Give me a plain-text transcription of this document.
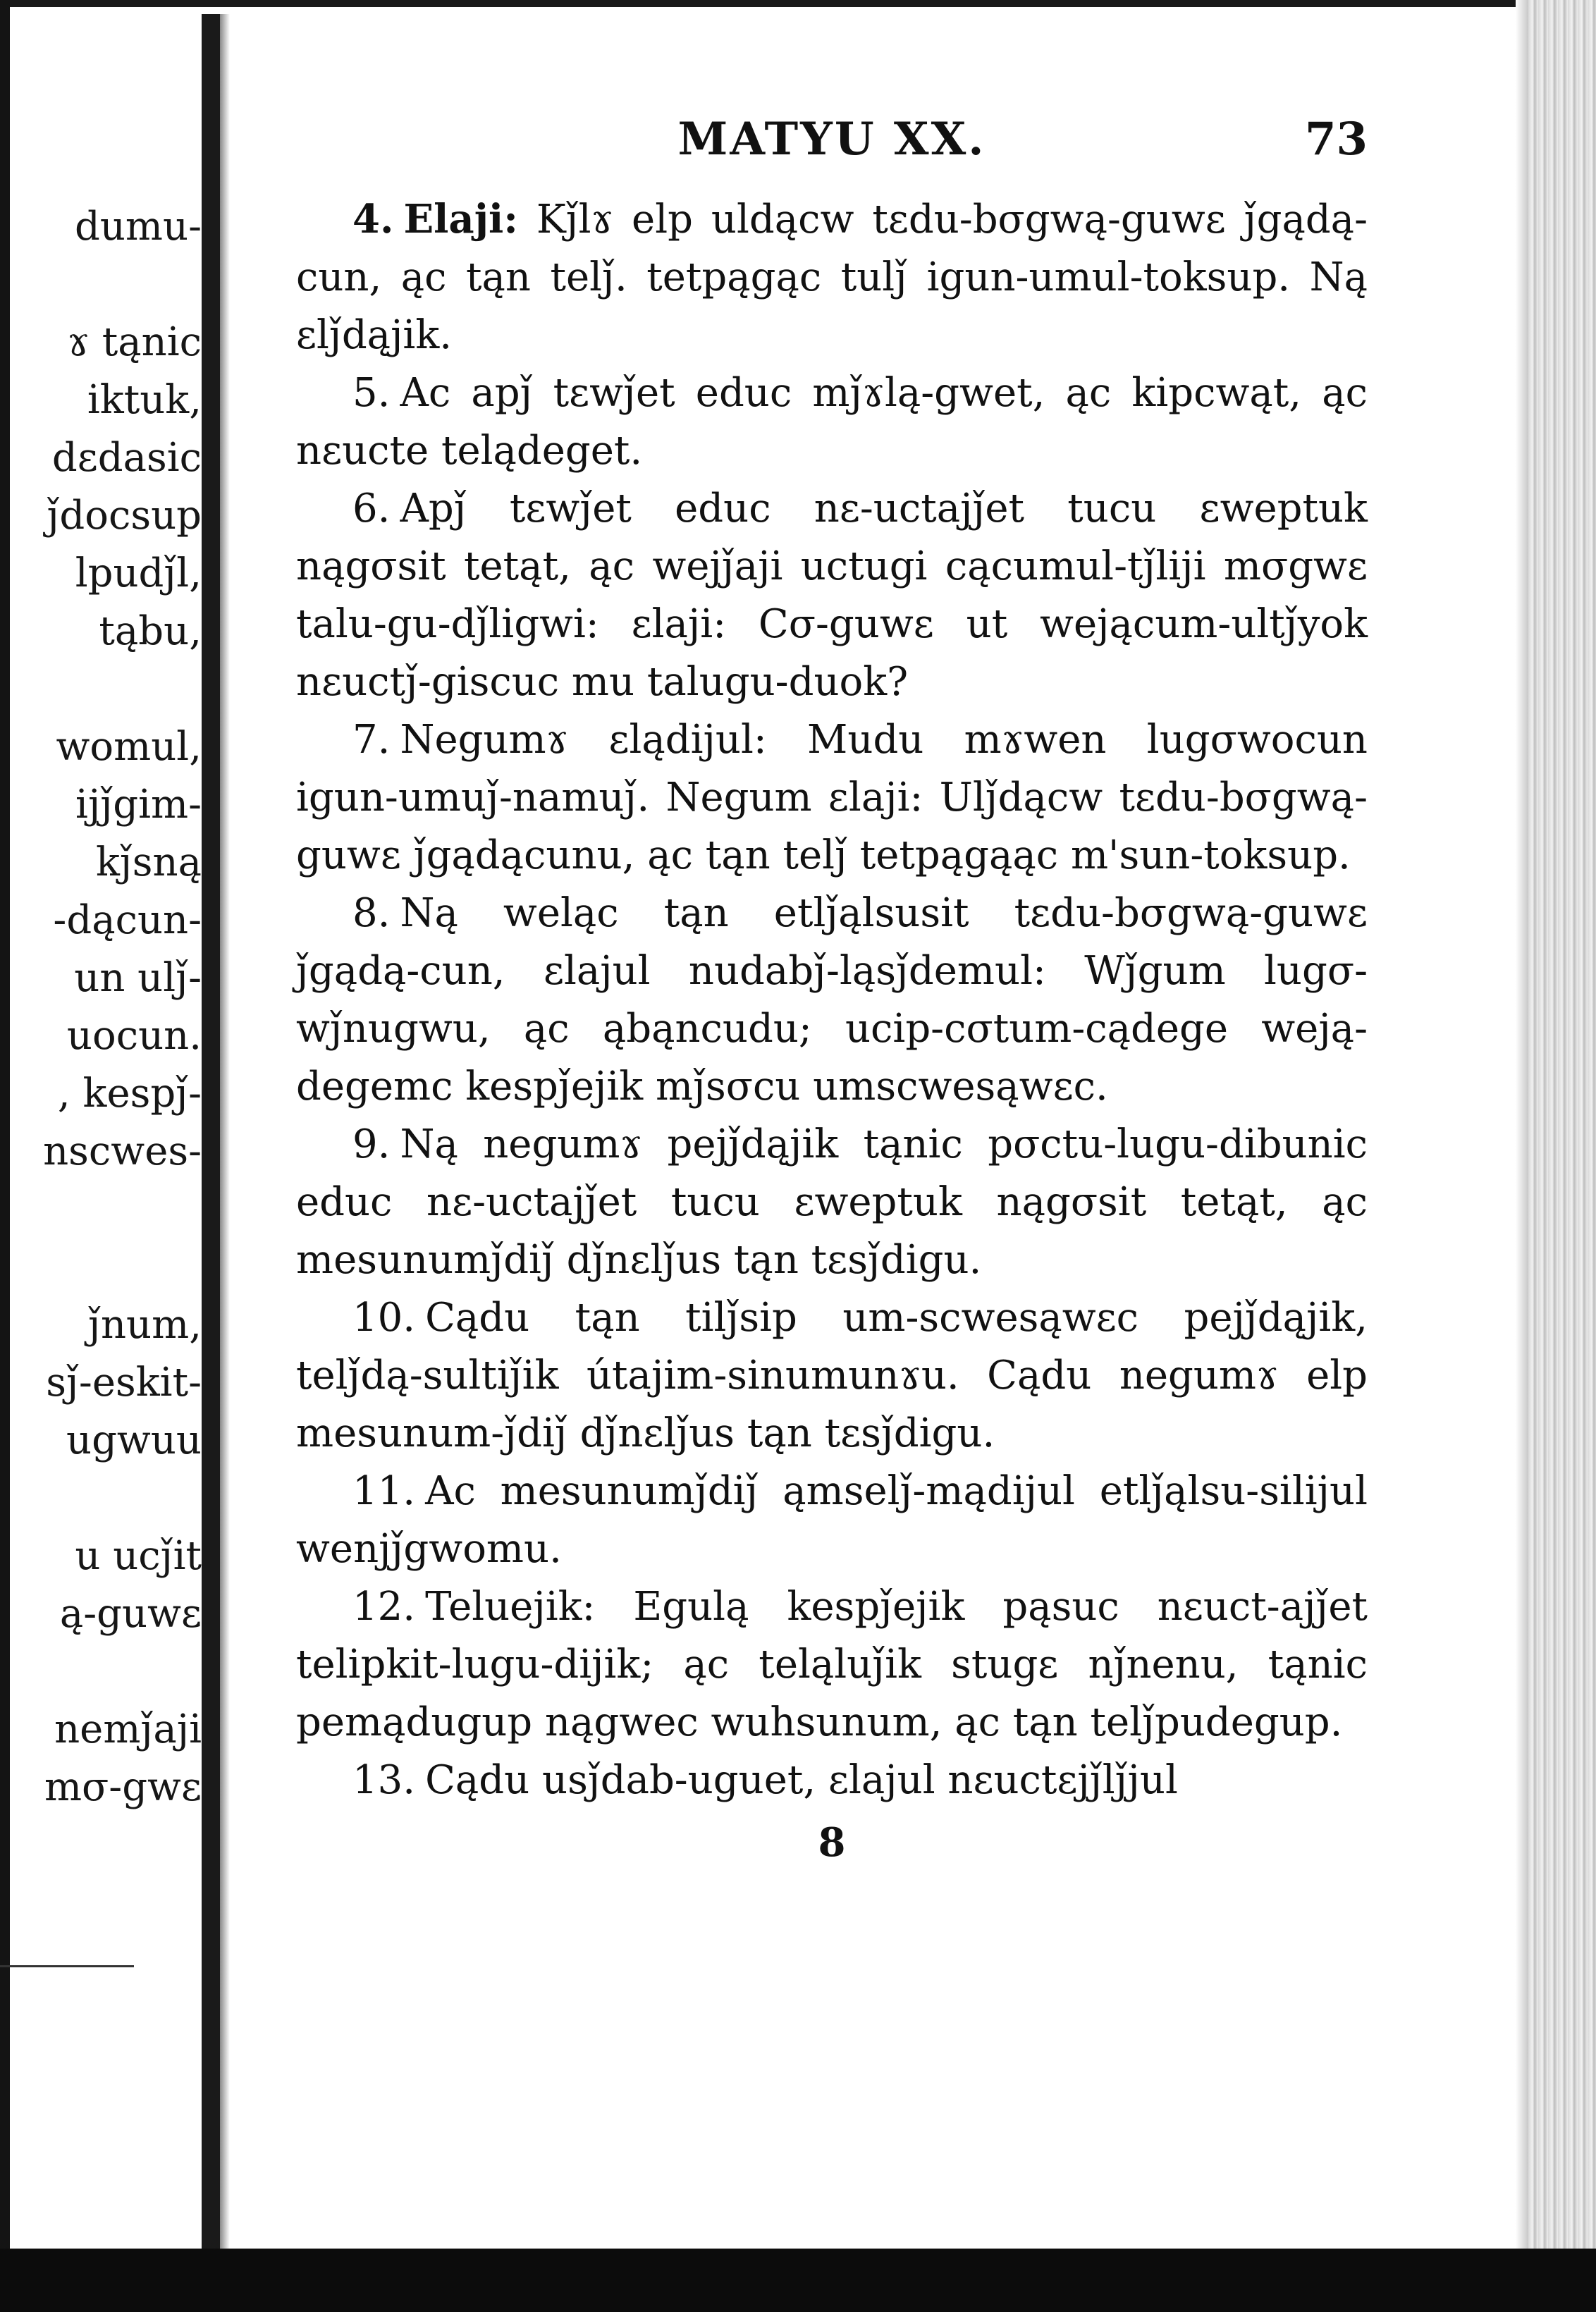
dumu-
ɤ tąnic
iktuk,
dεdasic
ǰdocsup
lpudǰl,
tąbu,
womul,
ijǰgim-
kǰsną
-dącun-
un ulǰ-
uocun.
, kespǰ-
nscwes-
ǰnum,
sǰ-eskit-
ugwuu
u ucǰit
ą-guwε
nemǰaji
mσ-gwε
MATYU XX.	73

4. Elaji: Kǰlɤ elp uldącw tεdu-bσgwą-guwε ǰgądą-cun, ąc tąn telǰ. tetpągąc tulǰ igun-umul-toksup. Ną εlǰdąjik.

5. Ac apǰ tεwǰet educ mǰɤlą-gwet, ąc kipcwąt, ąc nεucte telądeget.

6. Apǰ tεwǰet educ nε-uctajǰet tucu εweptuk nągσsit tetąt, ąc wejǰaji uctugi cącumul-tǰliji mσgwε talu-gu-dǰligwi: εlaji: Cσ-guwε ut wejącum-ultǰyok nεuctǰ-giscuc mu talugu-duok?

7. Negumɤ εlądijul: Mudu mɤwen lugσwocun igun-umuǰ-namuǰ. Negum εlaji: Ulǰdącw tεdu-bσgwą-guwε ǰgądącunu, ąc tąn telǰ tetpągąąc m'sun-toksup.

8. Ną weląc tąn etlǰąlsusit tεdu-bσgwą-guwε ǰgądą-cun, εlajul nudabǰ-ląsǰdemul: Wǰgum lugσ-wǰnugwu, ąc ąbąncudu; ucip-cσtum-cądege weją-degemc kespǰejik mǰsσcu umscwesąwεc.

9. Ną negumɤ pejǰdąjik tąnic pσctu-lugu-dibunic educ nε-uctajǰet tucu εweptuk nągσsit tetąt, ąc mesunumǰdiǰ dǰnεlǰus tąn tεsǰdigu.

10. Cądu tąn tilǰsip um-scwesąwεc pejǰdąjik, telǰdą-sultiǰik útajim-sinumunɤu. Cądu negumɤ elp mesunum-ǰdiǰ dǰnεlǰus tąn tεsǰdigu.

11. Ac mesunumǰdiǰ ąmselǰ-mądijul etlǰąlsu-silijul wenjǰgwomu.

12. Teluejik: Egulą kespǰejik pąsuc nεuct-ajǰet telipkit-lugu-dijik; ąc teląluǰik stugε nǰnenu, tąnic pemądugup nągwec wuhsunum, ąc tąn telǰpudegup.

13. Cądu usǰdab-uguet, εlajul nεuctεjǰlǰjul

8
